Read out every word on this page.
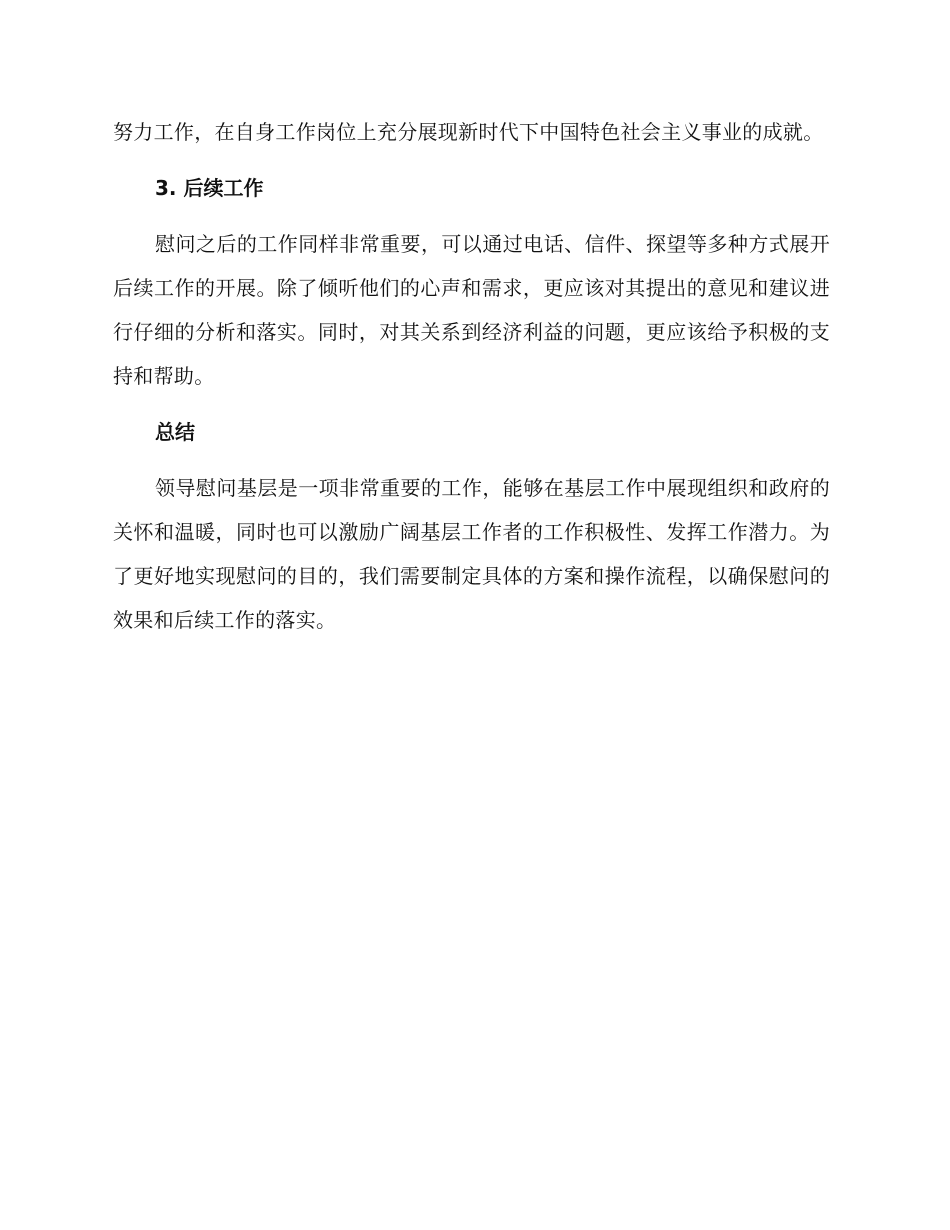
努力工作，在自身工作岗位上充分展现新时代下中国特色社会主义事业的成就。

3. 后续工作

慰问之后的工作同样非常重要，可以通过电话、信件、探望等多种方式展开后续工作的开展。除了倾听他们的心声和需求，更应该对其提出的意见和建议进行仔细的分析和落实。同时，对其关系到经济利益的问题，更应该给予积极的支持和帮助。

总结

领导慰问基层是一项非常重要的工作，能够在基层工作中展现组织和政府的关怀和温暖，同时也可以激励广阔基层工作者的工作积极性、发挥工作潜力。为了更好地实现慰问的目的，我们需要制定具体的方案和操作流程，以确保慰问的效果和后续工作的落实。
